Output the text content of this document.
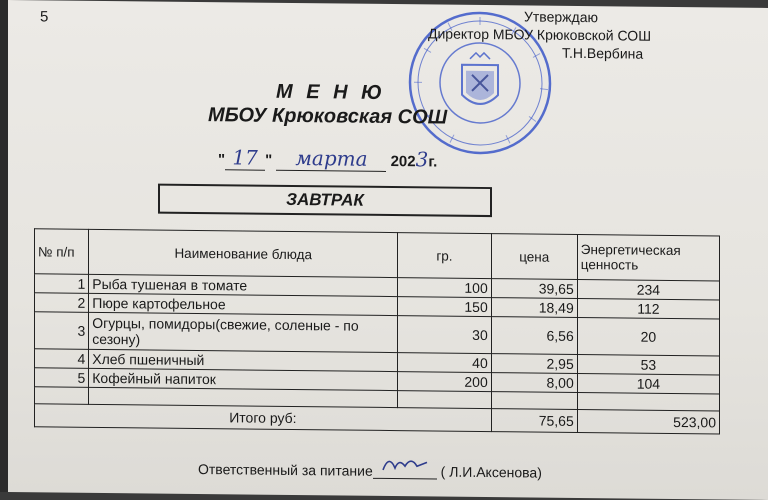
5	Утверждаю
Директор МБОУ Крюковской СОШ
Т.Н.Вербина
М Е Н Ю
МБОУ Крюковская СОШ
" 17 " марта 2023г.
ЗАВТРАК
№ п/п	Наименование блюда	гр.	цена	Энергетическая ценность
1	Рыба тушеная в томате	100	39,65	234
2	Пюре картофельное	150	18,49	112
3	Огурцы, помидоры(свежие, соленые - по сезону)	30	6,56	20
4	Хлеб пшеничный	40	2,95	53
5	Кофейный напиток	200	8,00	104

Итого руб:			75,65	523,00
Ответственный за питание	( Л.И.Аксенова)
